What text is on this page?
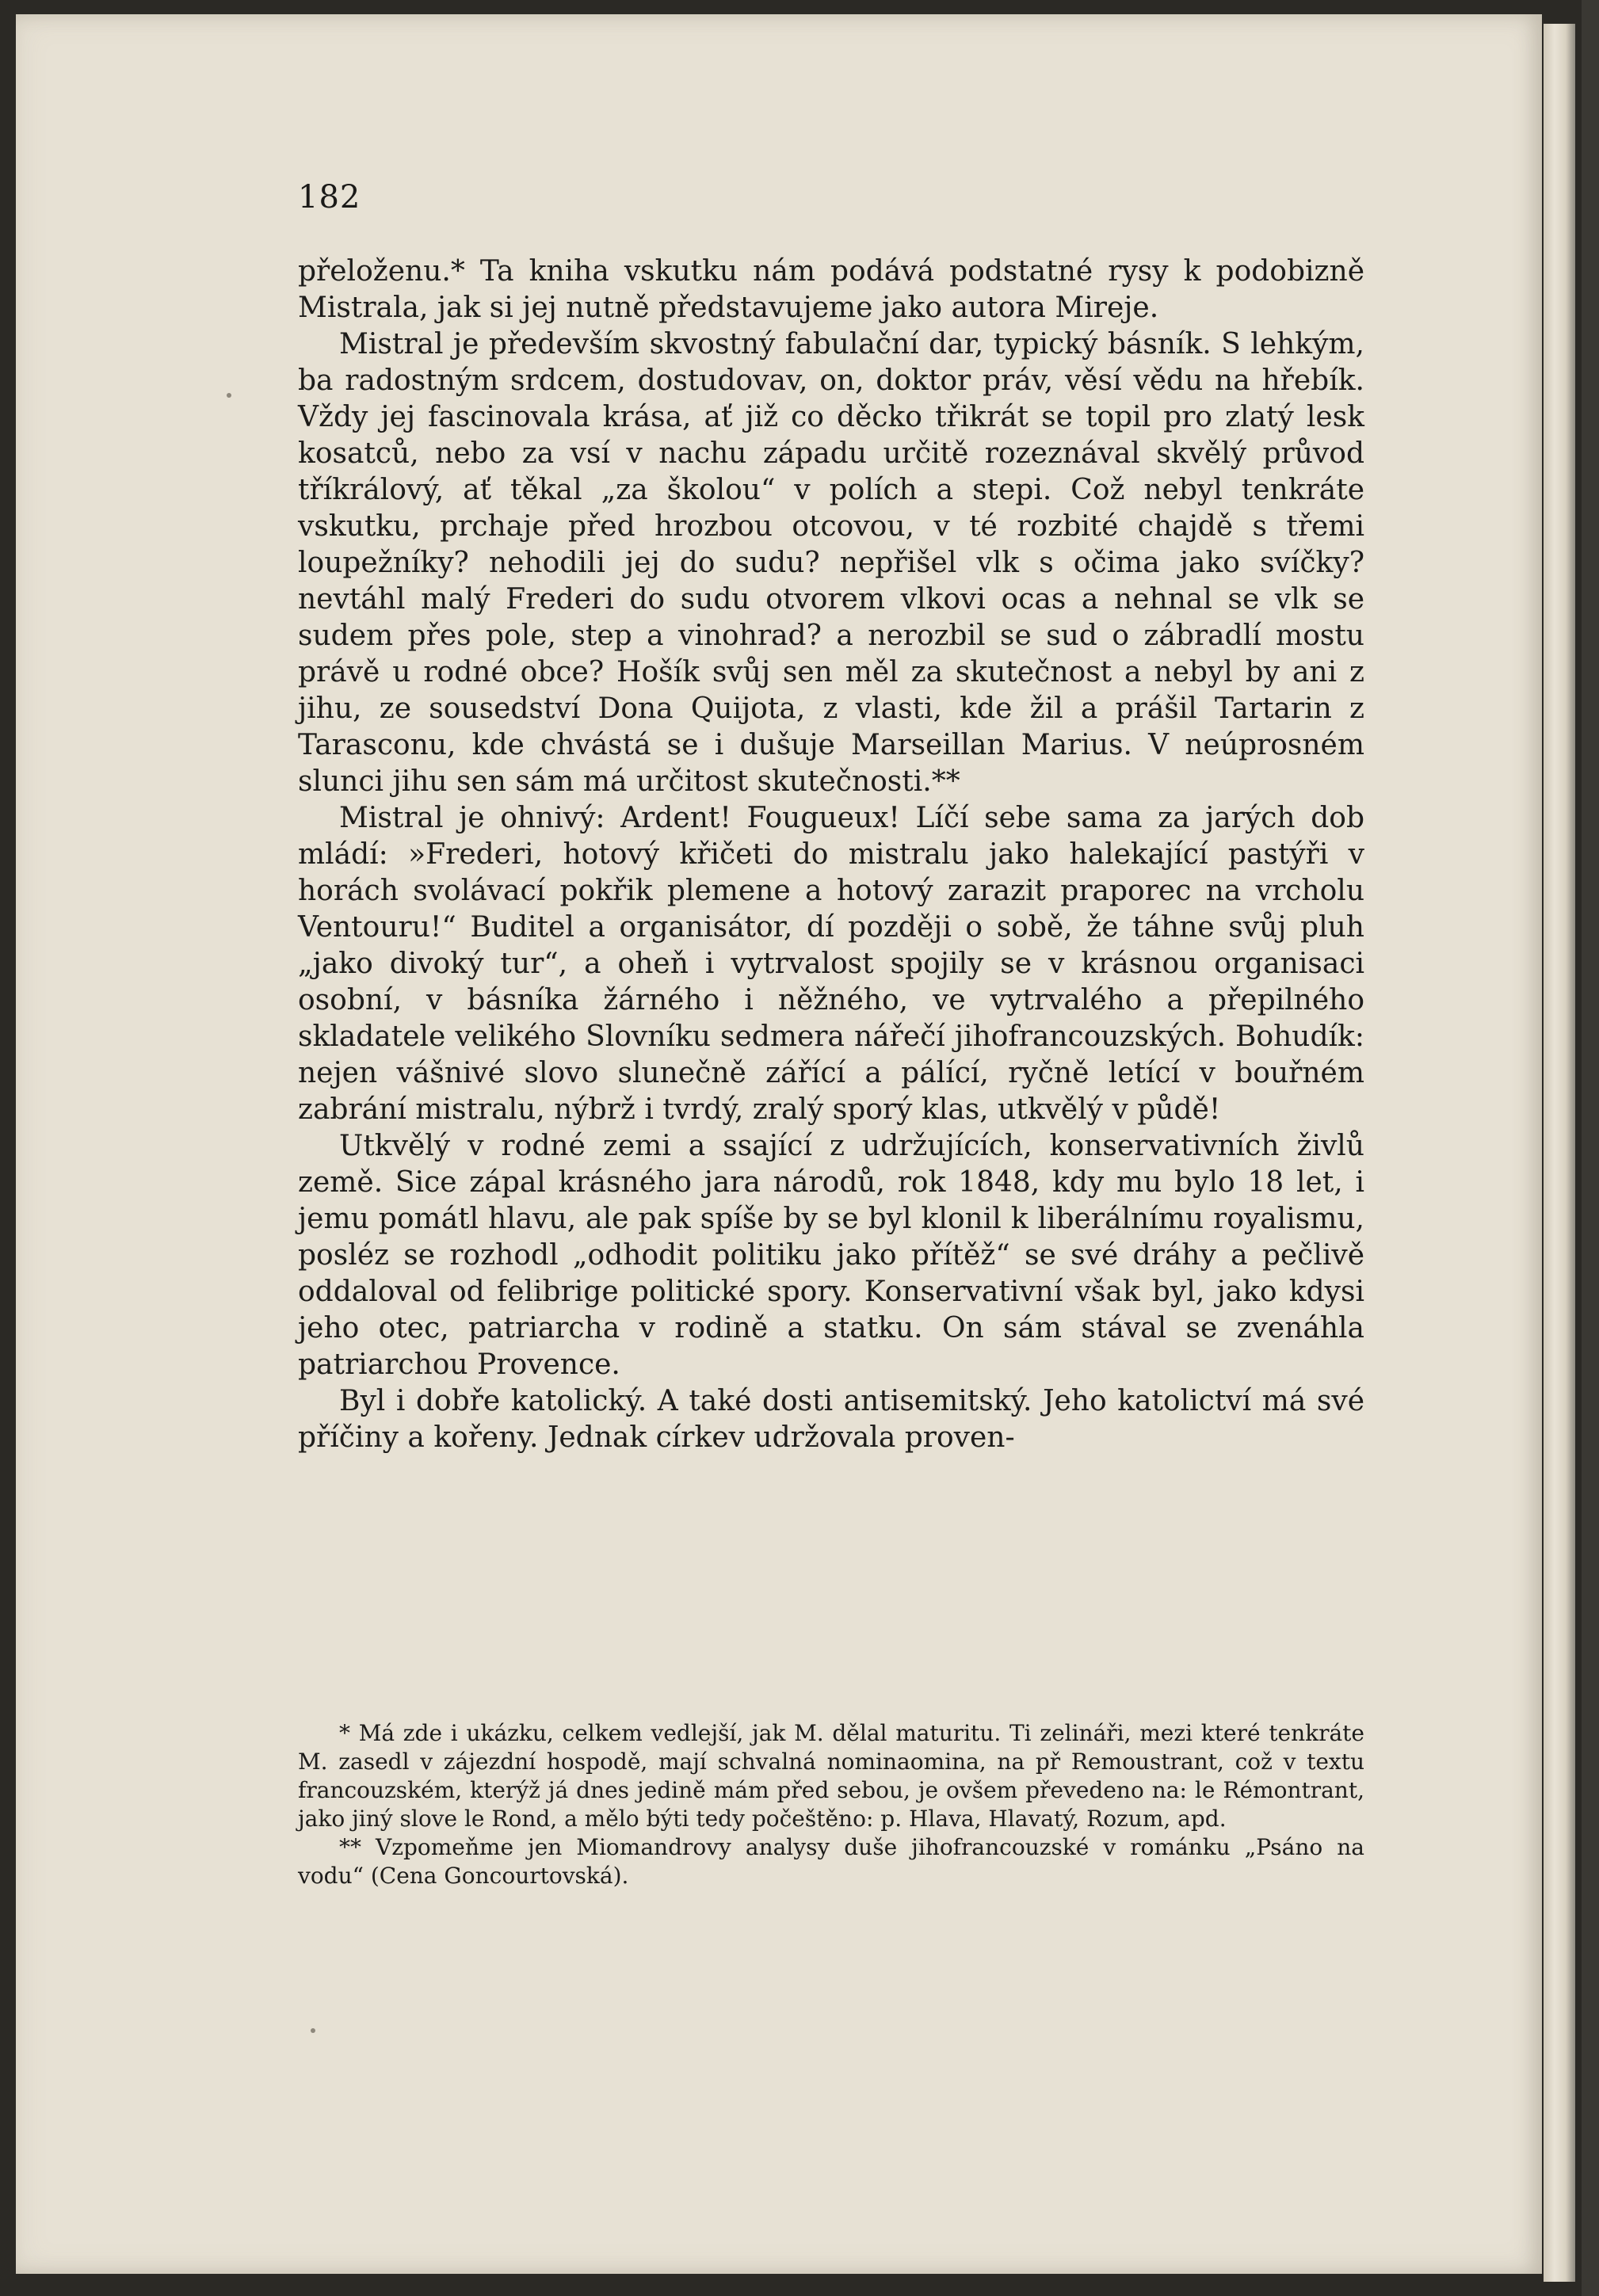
182

přeloženu.* Ta kniha vskutku nám podává podstatné rysy k podobizně Mistrala, jak si jej nutně představujeme jako autora Mireje.

Mistral je především skvostný fabulační dar, typický básník. S lehkým, ba radostným srdcem, dostudovav, on, doktor práv, věsí vědu na hřebík. Vždy jej fascinovala krása, ať již co děcko třikrát se topil pro zlatý lesk kosatců, nebo za vsí v nachu západu určitě rozeznával skvělý průvod tříkrálový, ať těkal „za školou“ v polích a stepi. Což nebyl tenkráte vskutku, prchaje před hrozbou otcovou, v té rozbité chajdě s třemi loupežníky? nehodili jej do sudu? nepřišel vlk s očima jako svíčky? nevtáhl malý Frederi do sudu otvorem vlkovi ocas a nehnal se vlk se sudem přes pole, step a vinohrad? a nerozbil se sud o zábradlí mostu právě u rodné obce? Hošík svůj sen měl za skutečnost a nebyl by ani z jihu, ze sousedství Dona Quijota, z vlasti, kde žil a prášil Tartarin z Tarasconu, kde chvástá se i dušuje Marseillan Marius. V neúprosném slunci jihu sen sám má určitost skutečnosti.**

Mistral je ohnivý: Ardent! Fougueux! Líčí sebe sama za jarých dob mládí: »Frederi, hotový křičeti do mistralu jako halekající pastýři v horách svolávací pokřik plemene a hotový zarazit praporec na vrcholu Ventouru!“ Buditel a organisátor, dí později o sobě, že táhne svůj pluh „jako divoký tur“, a oheň i vytrvalost spojily se v krásnou organisaci osobní, v básníka žárného i něžného, ve vytrvalého a přepilného skladatele velikého Slovníku sedmera nářečí jihofrancouzských. Bohudík: nejen vášnivé slovo slunečně zářící a pálící, ryčně letící v bouřném zabrání mistralu, nýbrž i tvrdý, zralý sporý klas, utkvělý v půdě!

Utkvělý v rodné zemi a ssající z udržujících, konservativních živlů země. Sice zápal krásného jara národů, rok 1848, kdy mu bylo 18 let, i jemu pomátl hlavu, ale pak spíše by se byl klonil k liberálnímu royalismu, posléz se rozhodl „odhodit politiku jako přítěž“ se své dráhy a pečlivě oddaloval od felibrige politické spory. Konservativní však byl, jako kdysi jeho otec, patriarcha v rodině a statku. On sám stával se zvenáhla patriarchou Provence.

Byl i dobře katolický. A také dosti antisemitský. Jeho katolictví má své příčiny a kořeny. Jednak církev udržovala proven-

* Má zde i ukázku, celkem vedlejší, jak M. dělal maturitu. Ti zelináři, mezi které tenkráte M. zasedl v zájezdní hospodě, mají schvalná nominaomina, na př Remoustrant, což v textu francouzském, kterýž já dnes jedině mám před sebou, je ovšem převedeno na: le Rémontrant, jako jiný slove le Rond, a mělo býti tedy počeštěno: p. Hlava, Hlavatý, Rozum, apd.

** Vzpomeňme jen Miomandrovy analysy duše jihofrancouzské v románku „Psáno na vodu“ (Cena Goncourtovská).
